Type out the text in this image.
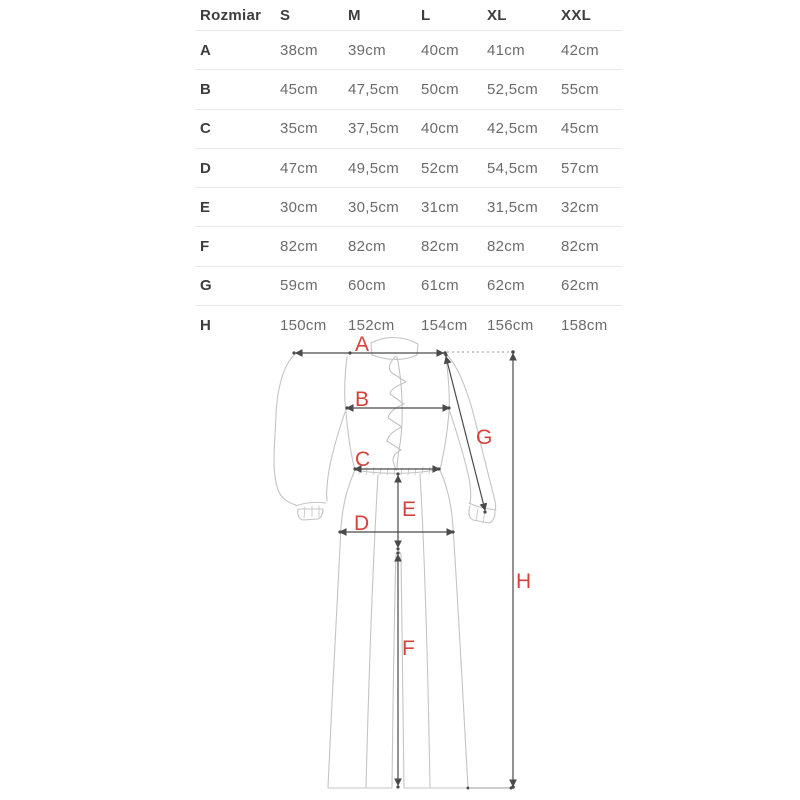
Rozmiar	S	M	L	XL	XXL
A	38cm	39cm	40cm	41cm	42cm
B	45cm	47,5cm	50cm	52,5cm	55cm
C	35cm	37,5cm	40cm	42,5cm	45cm
D	47cm	49,5cm	52cm	54,5cm	57cm
E	30cm	30,5cm	31cm	31,5cm	32cm
F	82cm	82cm	82cm	82cm	82cm
G	59cm	60cm	61cm	62cm	62cm
H	150cm	152cm	154cm	156cm	158cm
A
B
C
D
E
F
G
H
